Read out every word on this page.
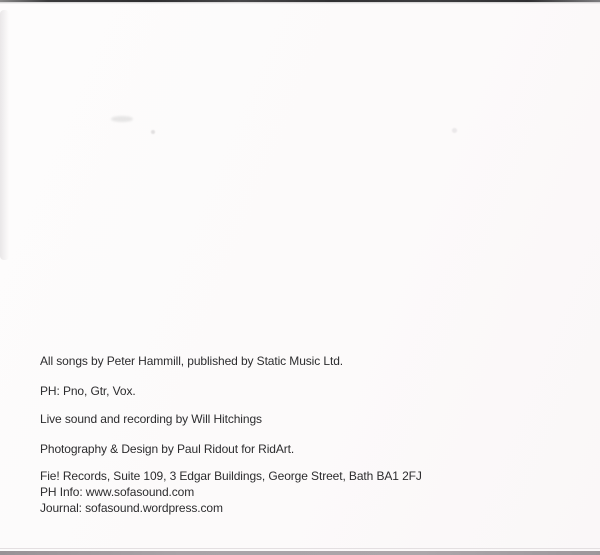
All songs by Peter Hammill, published by Static Music Ltd.

PH: Pno, Gtr, Vox.

Live sound and recording by Will Hitchings

Photography & Design by Paul Ridout for RidArt.

Fie! Records, Suite 109, 3 Edgar Buildings, George Street, Bath BA1 2FJ
PH Info: www.sofasound.com
Journal: sofasound.wordpress.com
